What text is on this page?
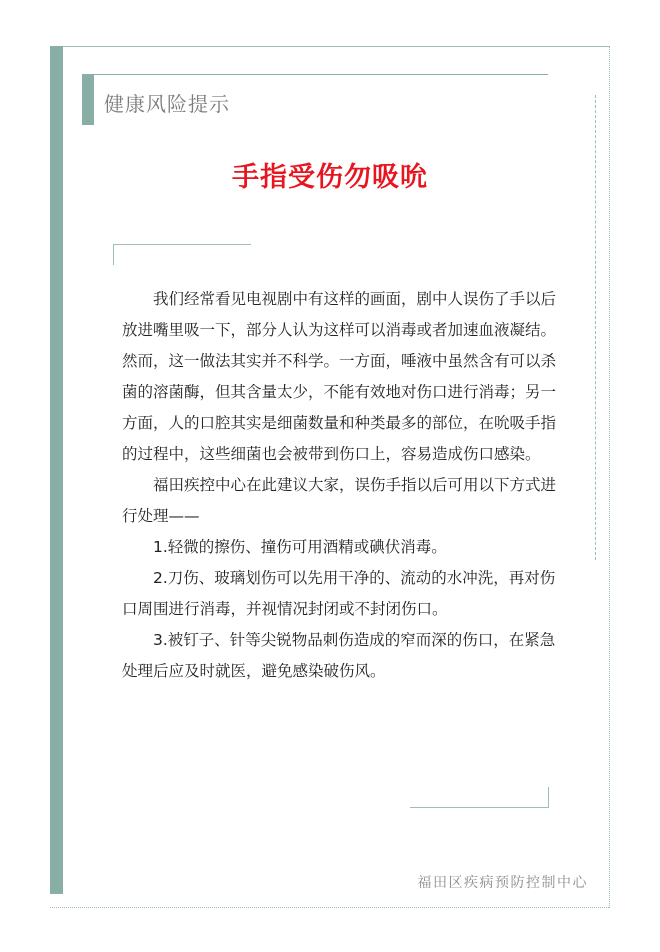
健康风险提示
手指受伤勿吸吮

我们经常看见电视剧中有这样的画面，剧中人误伤了手以后放进嘴里吸一下，部分人认为这样可以消毒或者加速血液凝结。然而，这一做法其实并不科学。一方面，唾液中虽然含有可以杀菌的溶菌酶，但其含量太少，不能有效地对伤口进行消毒；另一方面，人的口腔其实是细菌数量和种类最多的部位，在吮吸手指的过程中，这些细菌也会被带到伤口上，容易造成伤口感染。

福田疾控中心在此建议大家，误伤手指以后可用以下方式进行处理——

1.轻微的擦伤、撞伤可用酒精或碘伏消毒。

2.刀伤、玻璃划伤可以先用干净的、流动的水冲洗，再对伤口周围进行消毒，并视情况封闭或不封闭伤口。

3.被钉子、针等尖锐物品刺伤造成的窄而深的伤口，在紧急处理后应及时就医，避免感染破伤风。

福田区疾病预防控制中心
